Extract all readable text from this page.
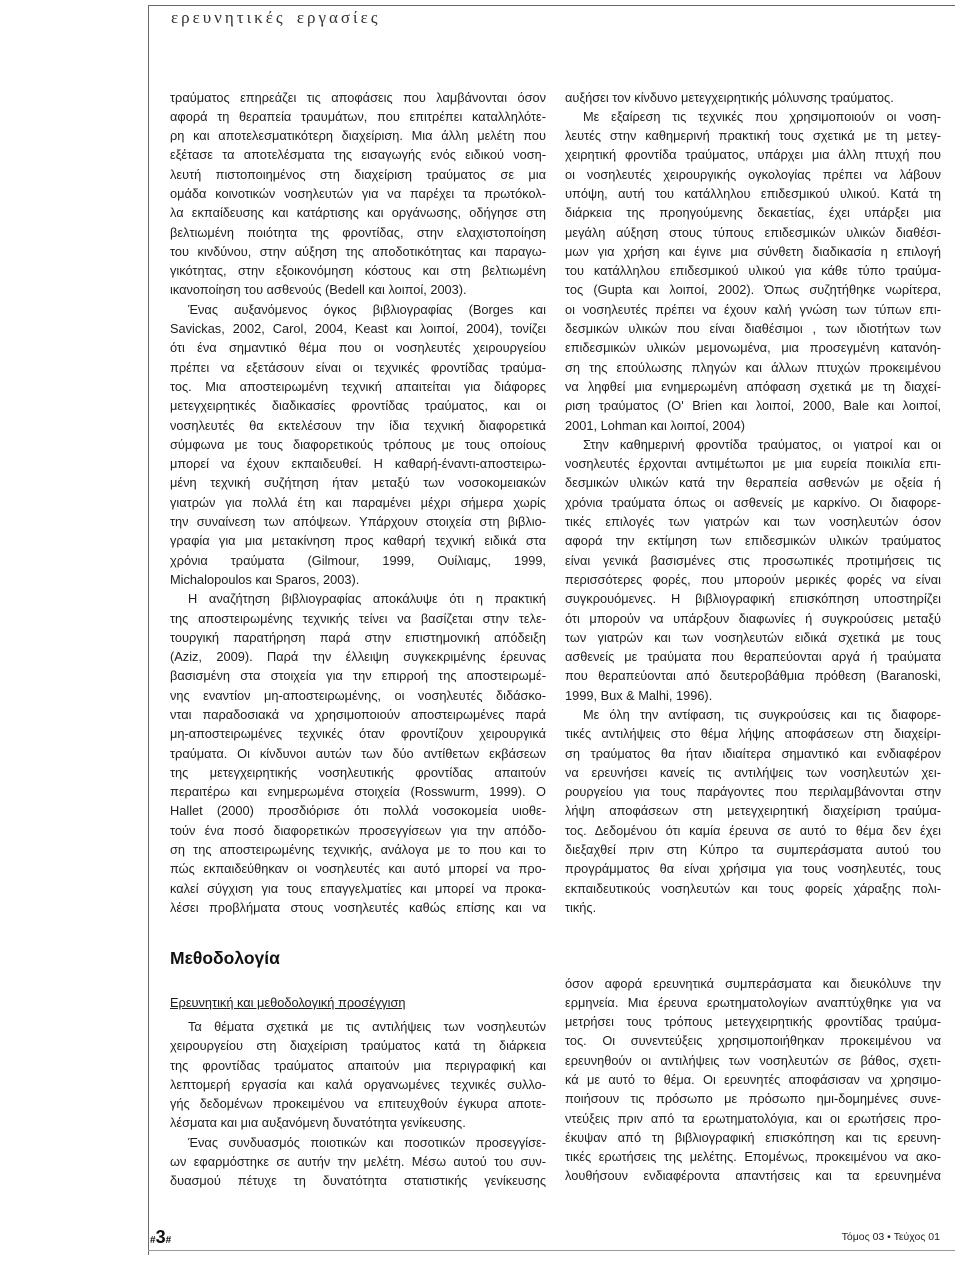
ερευνητικές εργασίες
τραύματος επηρεάζει τις αποφάσεις που λαμβάνονται όσον
αφορά τη θεραπεία τραυμάτων, που επιτρέπει καταλληλότε-
ρη και αποτελεσματικότερη διαχείριση. Μια άλλη μελέτη που
εξέτασε τα αποτελέσματα της εισαγωγής ενός ειδικού νοση-
λευτή πιστοποιημένος στη διαχείριση τραύματος σε μια
ομάδα κοινοτικών νοσηλευτών για να παρέχει τα πρωτόκολ-
λα εκπαίδευσης και κατάρτισης και οργάνωσης, οδήγησε στη
βελτιωμένη ποιότητα της φροντίδας, στην ελαχιστοποίηση
του κινδύνου, στην αύξηση της αποδοτικότητας και παραγω-
γικότητας, στην εξοικονόμηση κόστους και στη βελτιωμένη
ικανοποίηση του ασθενούς (Bedell και λοιποί, 2003).
Ένας αυξανόμενος όγκος βιβλιογραφίας (Borges και
Savickas, 2002, Carol, 2004, Keast και λοιποί, 2004), τονίζει
ότι ένα σημαντικό θέμα που οι νοσηλευτές χειρουργείου
πρέπει να εξετάσουν είναι οι τεχνικές φροντίδας τραύμα-
τος. Μια αποστειρωμένη τεχνική απαιτείται για διάφορες
μετεγχειρητικές διαδικασίες φροντίδας τραύματος, και οι
νοσηλευτές θα εκτελέσουν την ίδια τεχνική διαφορετικά
σύμφωνα με τους διαφορετικούς τρόπους με τους οποίους
μπορεί να έχουν εκπαιδευθεί. Η καθαρή-έναντι-αποστειρω-
μένη τεχνική συζήτηση ήταν μεταξύ των νοσοκομειακών
γιατρών για πολλά έτη και παραμένει μέχρι σήμερα χωρίς
την συναίνεση των απόψεων. Υπάρχουν στοιχεία στη βιβλιο-
γραφία για μια μετακίνηση προς καθαρή τεχνική ειδικά στα
χρόνια τραύματα (Gilmour, 1999, Ουίλιαμς, 1999,
Michalopoulos και Sparos, 2003).
Η αναζήτηση βιβλιογραφίας αποκάλυψε ότι η πρακτική
της αποστειρωμένης τεχνικής τείνει να βασίζεται στην τελε-
τουργική παρατήρηση παρά στην επιστημονική απόδειξη
(Aziz, 2009). Παρά την έλλειψη συγκεκριμένης έρευνας
βασισμένη στα στοιχεία για την επιρροή της αποστειρωμέ-
νης εναντίον μη-αποστειρωμένης, οι νοσηλευτές διδάσκο-
νται παραδοσιακά να χρησιμοποιούν αποστειρωμένες παρά
μη-αποστειρωμένες τεχνικές όταν φροντίζουν χειρουργικά
τραύματα. Οι κίνδυνοι αυτών των δύο αντίθετων εκβάσεων
της μετεγχειρητικής νοσηλευτικής φροντίδας απαιτούν
περαιτέρω και ενημερωμένα στοιχεία (Rosswurm, 1999). Ο
Hallet (2000) προσδιόρισε ότι πολλά νοσοκομεία υιοθε-
τούν ένα ποσό διαφορετικών προσεγγίσεων για την απόδο-
ση της αποστειρωμένης τεχνικής, ανάλογα με το που και το
πώς εκπαιδεύθηκαν οι νοσηλευτές και αυτό μπορεί να προ-
καλεί σύγχιση για τους επαγγελματίες και μπορεί να προκα-
λέσει προβλήματα στους νοσηλευτές καθώς επίσης και να
αυξήσει τον κίνδυνο μετεγχειρητικής μόλυνσης τραύματος.
Με εξαίρεση τις τεχνικές που χρησιμοποιούν οι νοση-
λευτές στην καθημερινή πρακτική τους σχετικά με τη μετεγ-
χειρητική φροντίδα τραύματος, υπάρχει μια άλλη πτυχή που
οι νοσηλευτές χειρουργικής ογκολογίας πρέπει να λάβουν
υπόψη, αυτή του κατάλληλου επιδεσμικού υλικού. Κατά τη
διάρκεια της προηγούμενης δεκαετίας, έχει υπάρξει μια
μεγάλη αύξηση στους τύπους επιδεσμικών υλικών διαθέσι-
μων για χρήση και έγινε μια σύνθετη διαδικασία η επιλογή
του κατάλληλου επιδεσμικού υλικού για κάθε τύπο τραύμα-
τος (Gupta και λοιποί, 2002). Όπως συζητήθηκε νωρίτερα,
οι νοσηλευτές πρέπει να έχουν καλή γνώση των τύπων επι-
δεσμικών υλικών που είναι διαθέσιμοι , των ιδιοτήτων των
επιδεσμικών υλικών μεμονωμένα, μια προσεγμένη κατανόη-
ση της επούλωσης πληγών και άλλων πτυχών προκειμένου
να ληφθεί μια ενημερωμένη απόφαση σχετικά με τη διαχεί-
ριση τραύματος (O' Brien και λοιποί, 2000, Bale και λοιποί,
2001, Lohman και λοιποί, 2004)
Στην καθημερινή φροντίδα τραύματος, οι γιατροί και οι
νοσηλευτές έρχονται αντιμέτωποι με μια ευρεία ποικιλία επι-
δεσμικών υλικών κατά την θεραπεία ασθενών με οξεία ή
χρόνια τραύματα όπως οι ασθενείς με καρκίνο. Οι διαφορε-
τικές επιλογές των γιατρών και των νοσηλευτών όσον
αφορά την εκτίμηση των επιδεσμικών υλικών τραύματος
είναι γενικά βασισμένες στις προσωπικές προτιμήσεις τις
περισσότερες φορές, που μπορούν μερικές φορές να είναι
συγκρουόμενες. Η βιβλιογραφική επισκόπηση υποστηρίζει
ότι μπορούν να υπάρξουν διαφωνίες ή συγκρούσεις μεταξύ
των γιατρών και των νοσηλευτών ειδικά σχετικά με τους
ασθενείς με τραύματα που θεραπεύονται αργά ή τραύματα
που θεραπεύονται από δευτεροβάθμια πρόθεση (Baranoski,
1999, Bux & Malhi, 1996).
Με όλη την αντίφαση, τις συγκρούσεις και τις διαφορε-
τικές αντιλήψεις στο θέμα λήψης αποφάσεων στη διαχείρι-
ση τραύματος θα ήταν ιδιαίτερα σημαντικό και ενδιαφέρον
να ερευνήσει κανείς τις αντιλήψεις των νοσηλευτών χει-
ρουργείου για τους παράγοντες που περιλαμβάνονται στην
λήψη αποφάσεων στη μετεγχειρητική διαχείριση τραύμα-
τος. Δεδομένου ότι καμία έρευνα σε αυτό το θέμα δεν έχει
διεξαχθεί πριν στη Κύπρο τα συμπεράσματα αυτού του
προγράμματος θα είναι χρήσιμα για τους νοσηλευτές, τους
εκπαιδευτικούς νοσηλευτών και τους φορείς χάραξης πολι-
τικής.
Μεθοδολογία
Ερευνητική και μεθοδολογική προσέγγιση
Τα θέματα σχετικά με τις αντιλήψεις των νοσηλευτών
χειρουργείου στη διαχείριση τραύματος κατά τη διάρκεια
της φροντίδας τραύματος απαιτούν μια περιγραφική και
λεπτομερή εργασία και καλά οργανωμένες τεχνικές συλλο-
γής δεδομένων προκειμένου να επιτευχθούν έγκυρα αποτε-
λέσματα και μια αυξανόμενη δυνατότητα γενίκευσης.
Ένας συνδυασμός ποιοτικών και ποσοτικών προσεγγίσε-
ων εφαρμόστηκε σε αυτήν την μελέτη. Μέσω αυτού του συν-
δυασμού πέτυχε τη δυνατότητα στατιστικής γενίκευσης
όσον αφορά ερευνητικά συμπεράσματα και διευκόλυνε την
ερμηνεία. Μια έρευνα ερωτηματολογίων αναπτύχθηκε για να
μετρήσει τους τρόπους μετεγχειρητικής φροντίδας τραύμα-
τος. Οι συνεντεύξεις χρησιμοποιήθηκαν προκειμένου να
ερευνηθούν οι αντιλήψεις των νοσηλευτών σε βάθος, σχετι-
κά με αυτό το θέμα. Οι ερευνητές αποφάσισαν να χρησιμο-
ποιήσουν τις πρόσωπο με πρόσωπο ημι-δομημένες συνε-
ντεύξεις πριν από τα ερωτηματολόγια, και οι ερωτήσεις προ-
έκυψαν από τη βιβλιογραφική επισκόπηση και τις ερευνη-
τικές ερωτήσεις της μελέτης. Επομένως, προκειμένου να ακο-
λουθήσουν ενδιαφέροντα απαντήσεις και τα ερευνημένα
#3#	Τόμος 03 • Τεύχος 01
